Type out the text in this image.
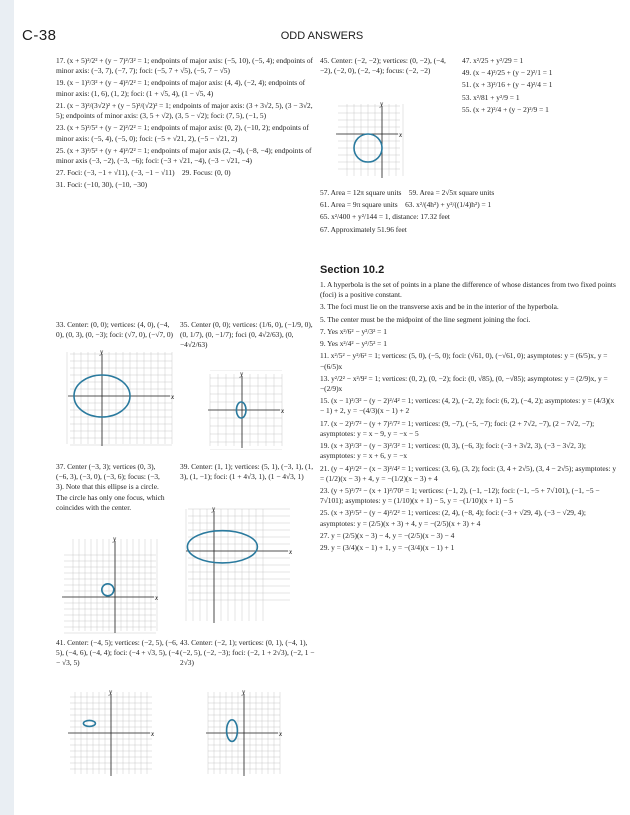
C-38	ODD ANSWERS

17. (x + 5)²/2² + (y − 7)²/3² = 1; endpoints of major axis: (−5, 10), (−5, 4); endpoints of minor axis: (−3, 7), (−7, 7); foci: (−5, 7 + √5), (−5, 7 − √5)

19. (x − 1)²/3² + (y − 4)²/2² = 1; endpoints of major axis: (4, 4), (−2, 4); endpoints of minor axis: (1, 6), (1, 2); foci: (1 + √5, 4), (1 − √5, 4)

21. (x − 3)²/(3√2)² + (y − 5)²/(√2)² = 1; endpoints of major axis: (3 + 3√2, 5), (3 − 3√2, 5); endpoints of minor axis: (3, 5 + √2), (3, 5 − √2); foci: (7, 5), (−1, 5)

23. (x + 5)²/5² + (y − 2)²/2² = 1; endpoints of major axis: (0, 2), (−10, 2); endpoints of minor axis: (−5, 4), (−5, 0); foci: (−5 + √21, 2), (−5 − √21, 2)

25. (x + 3)²/5² + (y + 4)²/2² = 1; endpoints of major axis (2, −4), (−8, −4); endpoints of minor axis (−3, −2), (−3, −6); foci: (−3 + √21, −4), (−3 − √21, −4)

27. Foci: (−3, −1 + √11), (−3, −1 − √11) 29. Focus: (0, 0)

31. Foci: (−10, 30), (−10, −30)

45. Center: (−2, −2); vertices: (0, −2), (−4, −2), (−2, 0), (−2, −4); focus: (−2, −2)

x
y

47. x²/25 + y²/29 = 1

49. (x − 4)²/25 + (y − 2)²/1 = 1

51. (x + 3)²/16 + (y − 4)²/4 = 1

53. x²/81 + y²/9 = 1

55. (x + 2)²/4 + (y − 2)²/9 = 1

57. Area = 12π square units 59. Area = 2√5π square units

61. Area = 9π square units 63. x²/(4h²) + y²/((1/4)h²) = 1

65. x²/400 + y²/144 = 1, distance: 17.32 feet

67. Approximately 51.96 feet

Section 10.2

1. A hyperbola is the set of points in a plane the difference of whose distances from two fixed points (foci) is a positive constant.

3. The foci must lie on the transverse axis and be in the interior of the hyperbola.

5. The center must be the midpoint of the line segment joining the foci.

7. Yes x²/6² − y²/3² = 1

9. Yes x²/4² − y²/5² = 1

11. x²/5² − y²/6² = 1; vertices: (5, 0), (−5, 0); foci: (√61, 0), (−√61, 0); asymptotes: y = (6/5)x, y = −(6/5)x

13. y²/2² − x²/9² = 1; vertices: (0, 2), (0, −2); foci: (0, √85), (0, −√85); asymptotes: y = (2/9)x, y = −(2/9)x

15. (x − 1)²/3² − (y − 2)²/4² = 1; vertices: (4, 2), (−2, 2); foci: (6, 2), (−4, 2); asymptotes: y = (4/3)(x − 1) + 2, y = −(4/3)(x − 1) + 2

17. (x − 2)²/7² − (y + 7)²/7² = 1; vertices: (9, −7), (−5, −7); foci: (2 + 7√2, −7), (2 − 7√2, −7); asymptotes: y = x − 9, y = −x − 5

19. (x + 3)²/3² − (y − 3)²/3² = 1; vertices: (0, 3), (−6, 3); foci: (−3 + 3√2, 3), (−3 − 3√2, 3); asymptotes: y = x + 6, y = −x

21. (y − 4)²/2² − (x − 3)²/4² = 1; vertices: (3, 6), (3, 2); foci: (3, 4 + 2√5), (3, 4 − 2√5); asymptotes: y = (1/2)(x − 3) + 4, y = −(1/2)(x − 3) + 4

23. (y + 5)²/7² − (x + 1)²/70² = 1; vertices: (−1, 2), (−1, −12); foci: (−1, −5 + 7√101), (−1, −5 − 7√101); asymptotes: y = (1/10)(x + 1) − 5, y = −(1/10)(x + 1) − 5

25. (x + 3)²/5² − (y − 4)²/2² = 1; vertices: (2, 4), (−8, 4); foci: (−3 + √29, 4), (−3 − √29, 4); asymptotes: y = (2/5)(x + 3) + 4, y = −(2/5)(x + 3) + 4

27. y = (2/5)(x − 3) − 4, y = −(2/5)(x − 3) − 4

29. y = (3/4)(x − 1) + 1, y = −(3/4)(x − 1) + 1

33. Center: (0, 0); vertices: (4, 0), (−4, 0), (0, 3), (0, −3); foci: (√7, 0), (−√7, 0)
35. Center (0, 0); vertices: (1/6, 0), (−1/9, 0), (0, 1/7), (0, −1/7); foci (0, 4√2/63), (0, −4√2/63)
x
y
x
y
37. Center (−3, 3); vertices (0, 3), (−6, 3), (−3, 0), (−3, 6); focus: (−3, 3). Note that this ellipse is a circle. The circle has only one focus, which coincides with the center.
39. Center: (1, 1); vertices: (5, 1), (−3, 1), (1, 3), (1, −1); foci: (1 + 4√3, 1), (1 − 4√3, 1)
x
y
x
y
41. Center: (−4, 5); vertices: (−2, 5), (−6, 5), (−4, 6), (−4, 4); foci: (−4 + √3, 5), (−4 − √3, 5)
43. Center: (−2, 1); vertices: (0, 1), (−4, 1), (−2, 5), (−2, −3); foci: (−2, 1 + 2√3), (−2, 1 − 2√3)
x
y
x
y
